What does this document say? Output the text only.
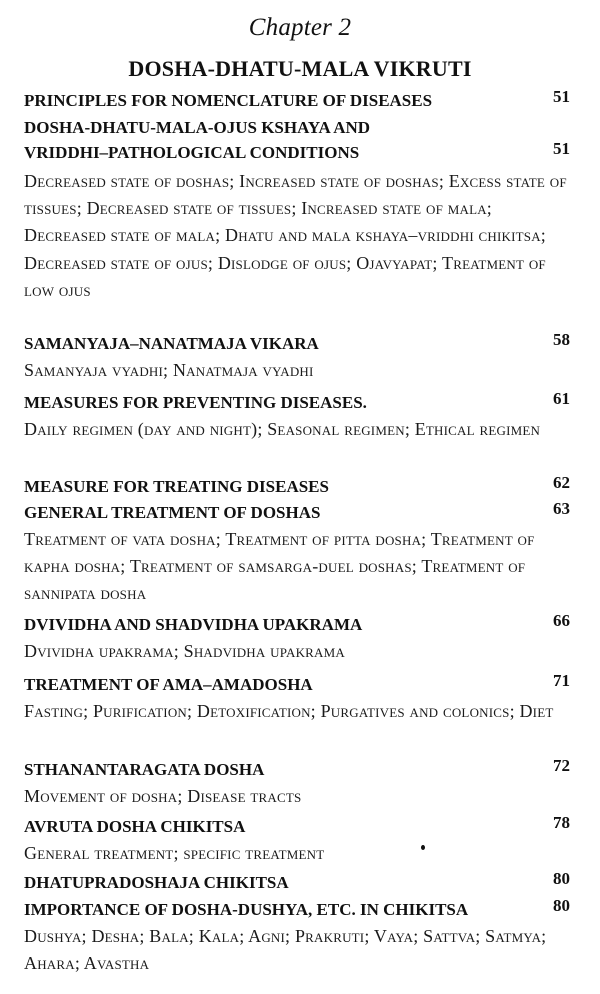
Chapter 2
DOSHA-DHATU-MALA VIKRUTI
PRINCIPLES FOR NOMENCLATURE OF DISEASES	51
DOSHA-DHATU-MALA-OJUS KSHAYA AND VRIDDHI–PATHOLOGICAL CONDITIONS	51
Decreased state of doshas; Increased state of doshas; Excess state of tissues; Decreased state of tissues; Increased state of mala; Decreased state of mala; Dhatu and mala kshaya–vriddhi chikitsa; Decreased state of ojus; Dislodge of ojus; Ojavyapat; Treatment of low ojus
SAMANYAJA–NANATMAJA VIKARA	58
Samanyaja vyadhi; Nanatmaja vyadhi
MEASURES FOR PREVENTING DISEASES.	61
Daily regimen (day and night); Seasonal regimen; Ethical regimen
MEASURE FOR TREATING DISEASES	62
GENERAL TREATMENT OF DOSHAS	63
Treatment of vata dosha; Treatment of pitta dosha; Treatment of kapha dosha; Treatment of samsarga-duel doshas; Treatment of sannipata dosha
DVIVIDHA AND SHADVIDHA UPAKRAMA	66
Dvividha upakrama; Shadvidha upakrama
TREATMENT OF AMA–AMADOSHA	71
Fasting; Purification; Detoxification; Purgatives and colonics; Diet
STHANANTARAGATA DOSHA	72
Movement of dosha; Disease tracts
AVRUTA DOSHA CHIKITSA	78
General treatment; specific treatment
DHATUPRADOSHAJA CHIKITSA	80
IMPORTANCE OF DOSHA-DUSHYA, ETC. IN CHIKITSA	80
Dushya; Desha; Bala; Kala; Agni; Prakruti; Vaya; Sattva; Satmya; Ahara; Avastha
